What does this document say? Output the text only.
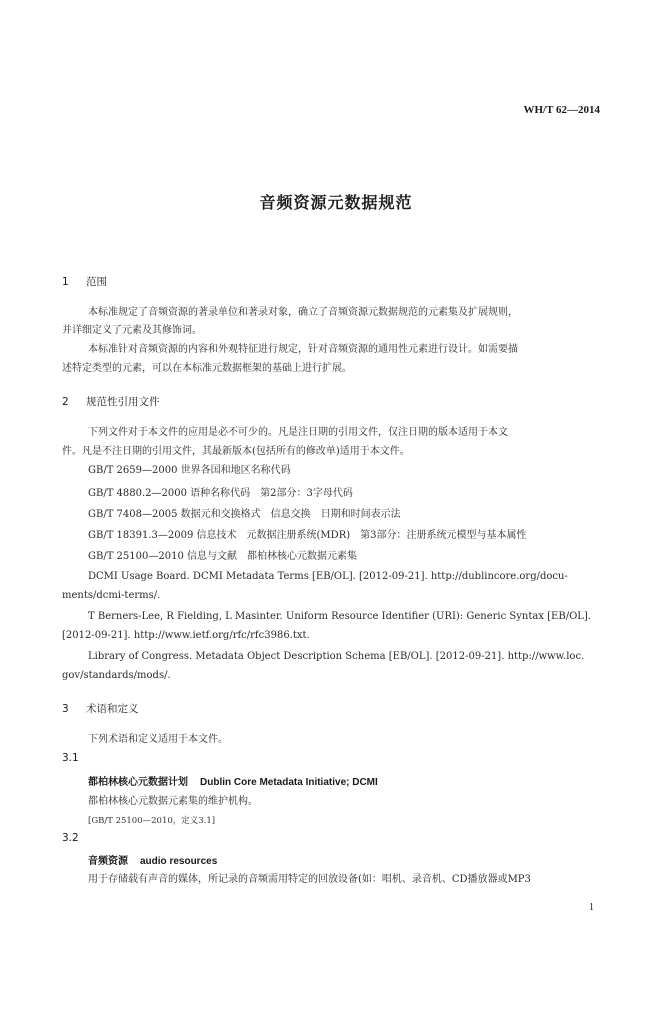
WH/T 62—2014
音频资源元数据规范
1 范围
本标准规定了音频资源的著录单位和著录对象，确立了音频资源元数据规范的元素集及扩展规则，
并详细定义了元素及其修饰词。
本标准针对音频资源的内容和外观特征进行规定，针对音频资源的通用性元素进行设计。如需要描
述特定类型的元素，可以在本标准元数据框架的基础上进行扩展。
2 规范性引用文件
下列文件对于本文件的应用是必不可少的。凡是注日期的引用文件，仅注日期的版本适用于本文
件。凡是不注日期的引用文件，其最新版本(包括所有的修改单)适用于本文件。
GB/T 2659—2000 世界各国和地区名称代码
GB/T 4880.2—2000 语种名称代码　第2部分：3字母代码
GB/T 7408—2005 数据元和交换格式　信息交换　日期和时间表示法
GB/T 18391.3—2009 信息技术　元数据注册系统(MDR)　第3部分：注册系统元模型与基本属性
GB/T 25100—2010 信息与文献　都柏林核心元数据元素集
DCMI Usage Board. DCMI Metadata Terms [EB/OL]. [2012-09-21]. http://dublincore.org/docu-
ments/dcmi-terms/.
T Berners-Lee, R Fielding, L Masinter. Uniform Resource Identifier (URI): Generic Syntax [EB/OL].
[2012-09-21]. http://www.ietf.org/rfc/rfc3986.txt.
Library of Congress. Metadata Object Description Schema [EB/OL]. [2012-09-21]. http://www.loc.
gov/standards/mods/.
3 术语和定义
下列术语和定义适用于本文件。
3.1
都柏林核心元数据计划 Dublin Core Metadata Initiative; DCMI
都柏林核心元数据元素集的维护机构。
[GB/T 25100—2010，定义3.1]
3.2
音频资源 audio resources
用于存储载有声音的媒体，所记录的音频需用特定的回放设备(如：唱机、录音机、CD播放器或MP3
1
